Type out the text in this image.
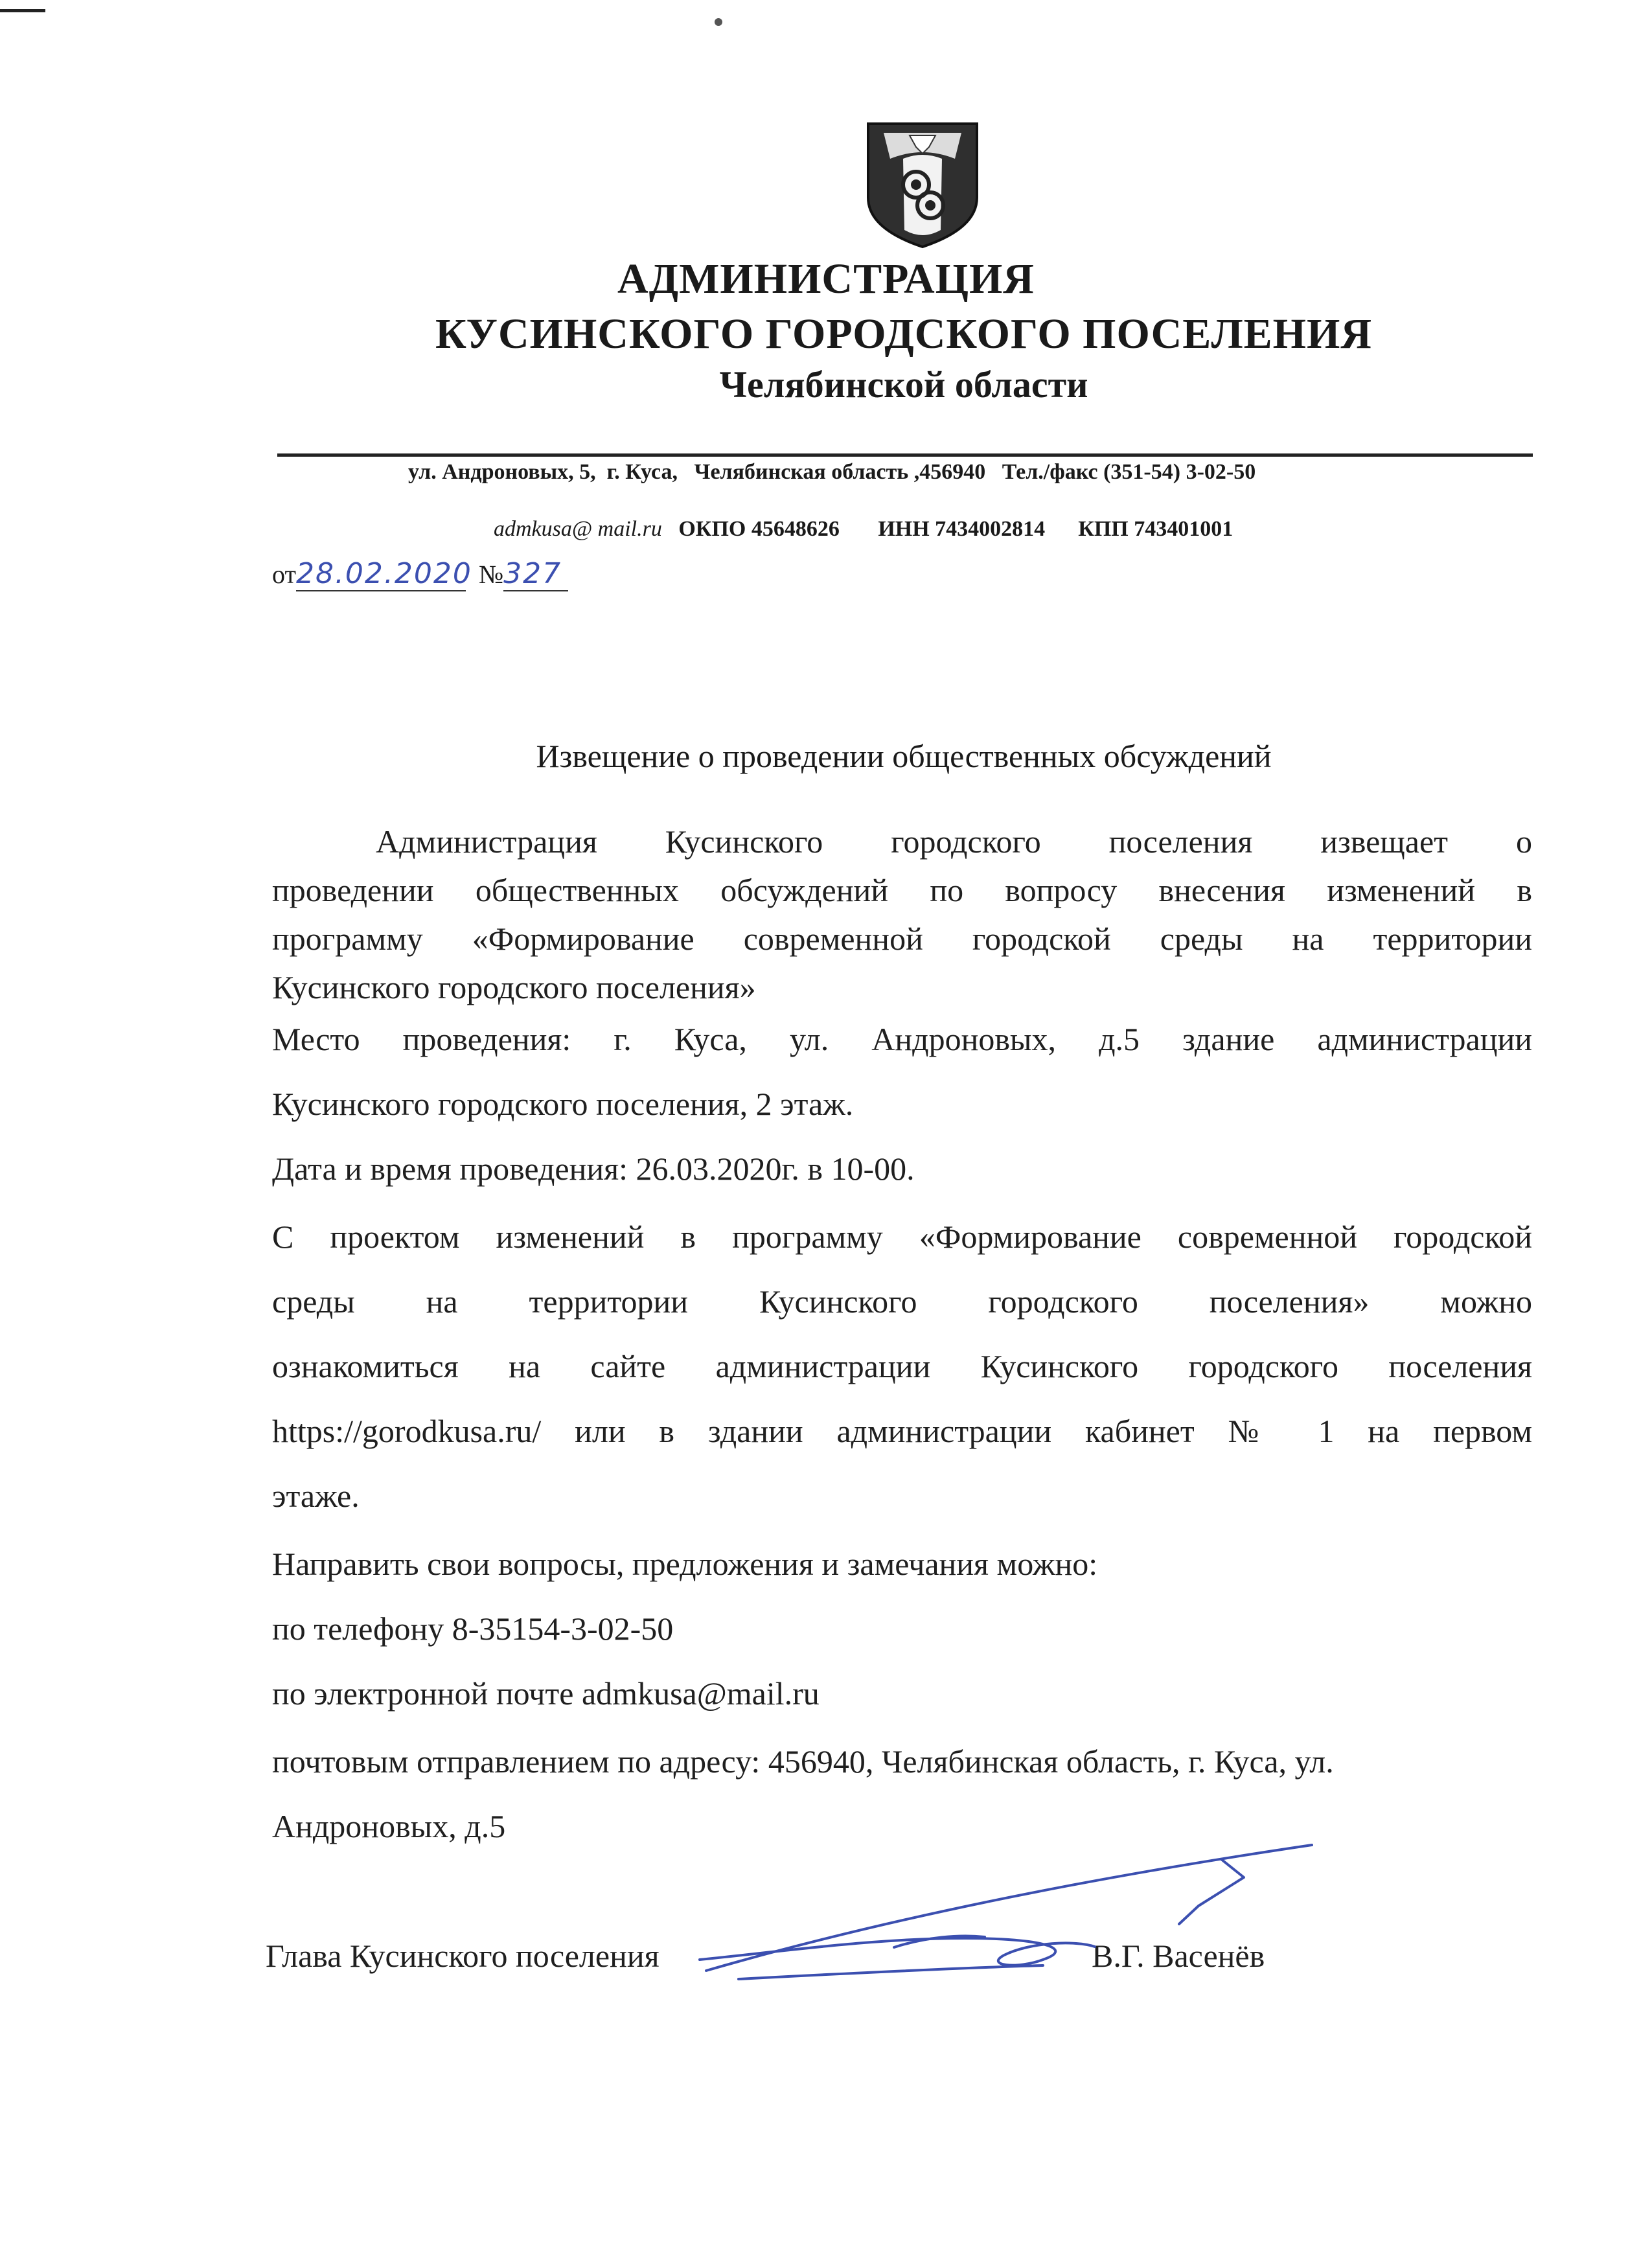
АДМИНИСТРАЦИЯ
КУСИНСКОГО ГОРОДСКОГО ПОСЕЛЕНИЯ
Челябинской области
ул. Андроновых, 5,  г. Куса,   Челябинская область ,456940   Тел./факс (351-54) 3-02-50

admkusa@ mail.ru ОКПО 45648626 ИНН 7434002814 КПП 743401001

от28.02.2020 №327
Извещение о проведении общественных обсуждений
Администрация Кусинского городского поселения извещает о
проведении общественных обсуждений по вопросу внесения изменений в
программу «Формирование современной городской среды на территории
Кусинского городского поселения»
Место проведения: г. Куса, ул. Андроновых, д.5 здание администрации
Кусинского городского поселения, 2 этаж.
Дата и время проведения: 26.03.2020г. в 10-00.
С проектом изменений в программу «Формирование современной городской
среды на территории Кусинского городского поселения» можно
ознакомиться на сайте администрации Кусинского городского поселения
https://gorodkusa.ru/ или в здании администрации кабинет № 1 на первом
этаже.
Направить свои вопросы, предложения и замечания можно:
по телефону 8-35154-3-02-50
по электронной почте admkusa@mail.ru
почтовым отправлением по адресу: 456940, Челябинская область, г. Куса, ул.
Андроновых, д.5
Глава Кусинского поселения	В.Г. Васенёв
